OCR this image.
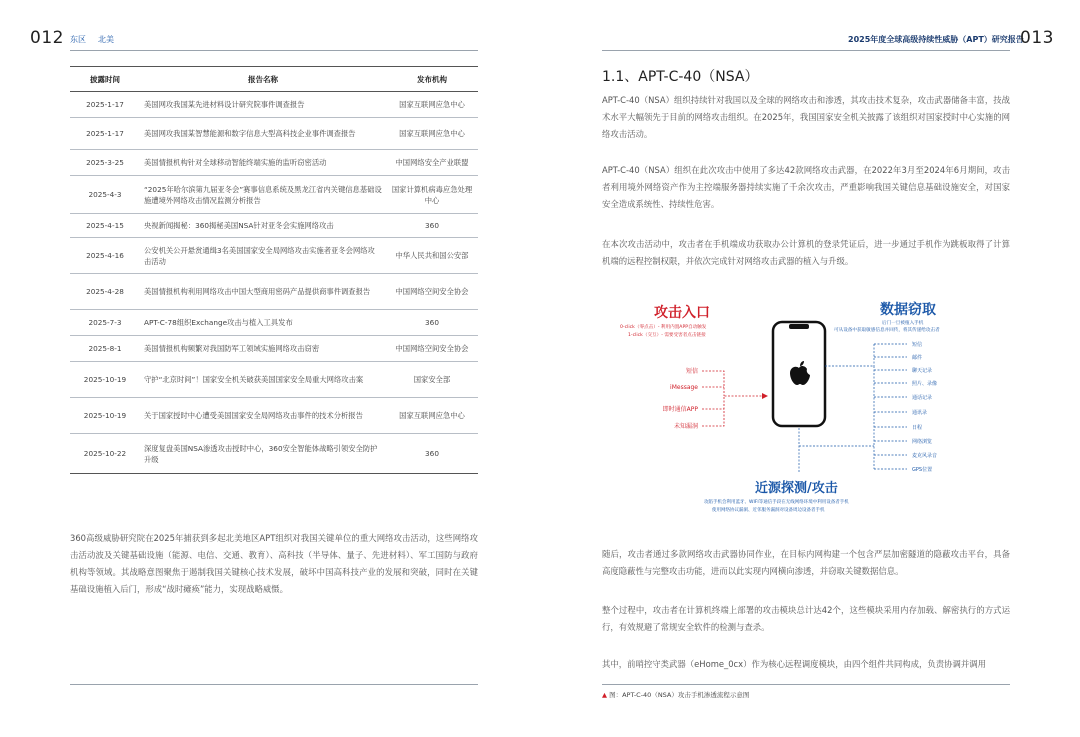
012 东区 北美
披露时间	报告名称	发布机构
2025-1-17	美国网攻我国某先进材料设计研究院事件调查报告	国家互联网应急中心
2025-1-17	美国网攻我国某智慧能源和数字信息大型高科技企业事件调查报告	国家互联网应急中心
2025-3-25	美国情报机构针对全球移动智能终端实施的监听窃密活动	中国网络安全产业联盟
2025-4-3	“2025年哈尔滨第九届亚冬会”赛事信息系统及黑龙江省内关键信息基础设施遭境外网络攻击情况监测分析报告	国家计算机病毒应急处理中心
2025-4-15	央视新闻揭秘：360揭秘美国NSA针对亚冬会实施网络攻击	360
2025-4-16	公安机关公开悬赏通缉3名美国国家安全局网络攻击实施者亚冬会网络攻击活动	中华人民共和国公安部
2025-4-28	美国情报机构利用网络攻击中国大型商用密码产品提供商事件调查报告	中国网络空间安全协会
2025-7-3	APT-C-78组织Exchange攻击与植入工具发布	360
2025-8-1	美国情报机构频繁对我国防军工领域实施网络攻击窃密	中国网络空间安全协会
2025-10-19	守护“北京时间”！国家安全机关破获美国国家安全局重大网络攻击案	国家安全部
2025-10-19	关于国家授时中心遭受美国国家安全局网络攻击事件的技术分析报告	国家互联网应急中心
2025-10-22	深度复盘美国NSA渗透攻击授时中心，360安全智能体战略引领安全防护升级	360
360高级威胁研究院在2025年捕获到多起北美地区APT组织对我国关键单位的重大网络攻击活动，这些网络攻击活动波及关键基础设施（能源、电信、交通、教育）、高科技（半导体、量子、先进材料）、军工国防与政府机构等领域。其战略意图聚焦于遏制我国关键核心技术发展，破坏中国高科技产业的发展和突破，同时在关键基础设施植入后门，形成“战时瘫痪”能力，实现战略威慑。
2025年度全球高级持续性威胁（APT）研究报告
013
1.1、APT-C-40（NSA）
APT-C-40（NSA）组织持续针对我国以及全球的网络攻击和渗透，其攻击技术复杂，攻击武器储备丰富，技战术水平大幅领先于目前的网络攻击组织。在2025年，我国国家安全机关披露了该组织对国家授时中心实施的网络攻击活动。
APT-C-40（NSA）组织在此次攻击中使用了多达42款网络攻击武器，在2022年3月至2024年6月期间，攻击者利用境外网络资产作为主控端服务器持续实施了千余次攻击，严重影响我国关键信息基础设施安全，对国家安全造成系统性、持续性危害。
在本次攻击活动中，攻击者在手机端成功获取办公计算机的登录凭证后，进一步通过手机作为跳板取得了计算机端的远程控制权限，并依次完成针对网络攻击武器的植入与升级。
攻击入口
0-click（零点击）- 利用内置APP自动触发
1-click（交互）- 需要受害者点击链接
短信
iMessage
即时通信APP
未知漏洞
数据窃取
后门一旦被植入手机
可从设备中获取敏感信息并回传，将其传递给攻击者
短信
邮件
聊天记录
照片、录像
通话记录
通讯录
日程
网络浏览
麦克风录音
GPS位置
近源探测/攻击
攻陷手机会利用蓝牙、WIFI等通信手段在无线网络环境中利用设备者手机
使用网络协议漏洞、近邻服务漏洞对设备周边设备者手机
随后，攻击者通过多款网络攻击武器协同作业，在目标内网构建一个包含严层加密隧道的隐蔽攻击平台，具备高度隐蔽性与完整攻击功能，进而以此实现内网横向渗透，并窃取关键数据信息。
整个过程中，攻击者在计算机终端上部署的攻击模块总计达42个，这些模块采用内存加载、解密执行的方式运行，有效规避了常规安全软件的检测与查杀。
其中，前哨控守类武器（eHome_0cx）作为核心远程调度模块，由四个组件共同构成，负责协调并调用
▲ 图：APT-C-40（NSA）攻击手机渗透流程示意图
